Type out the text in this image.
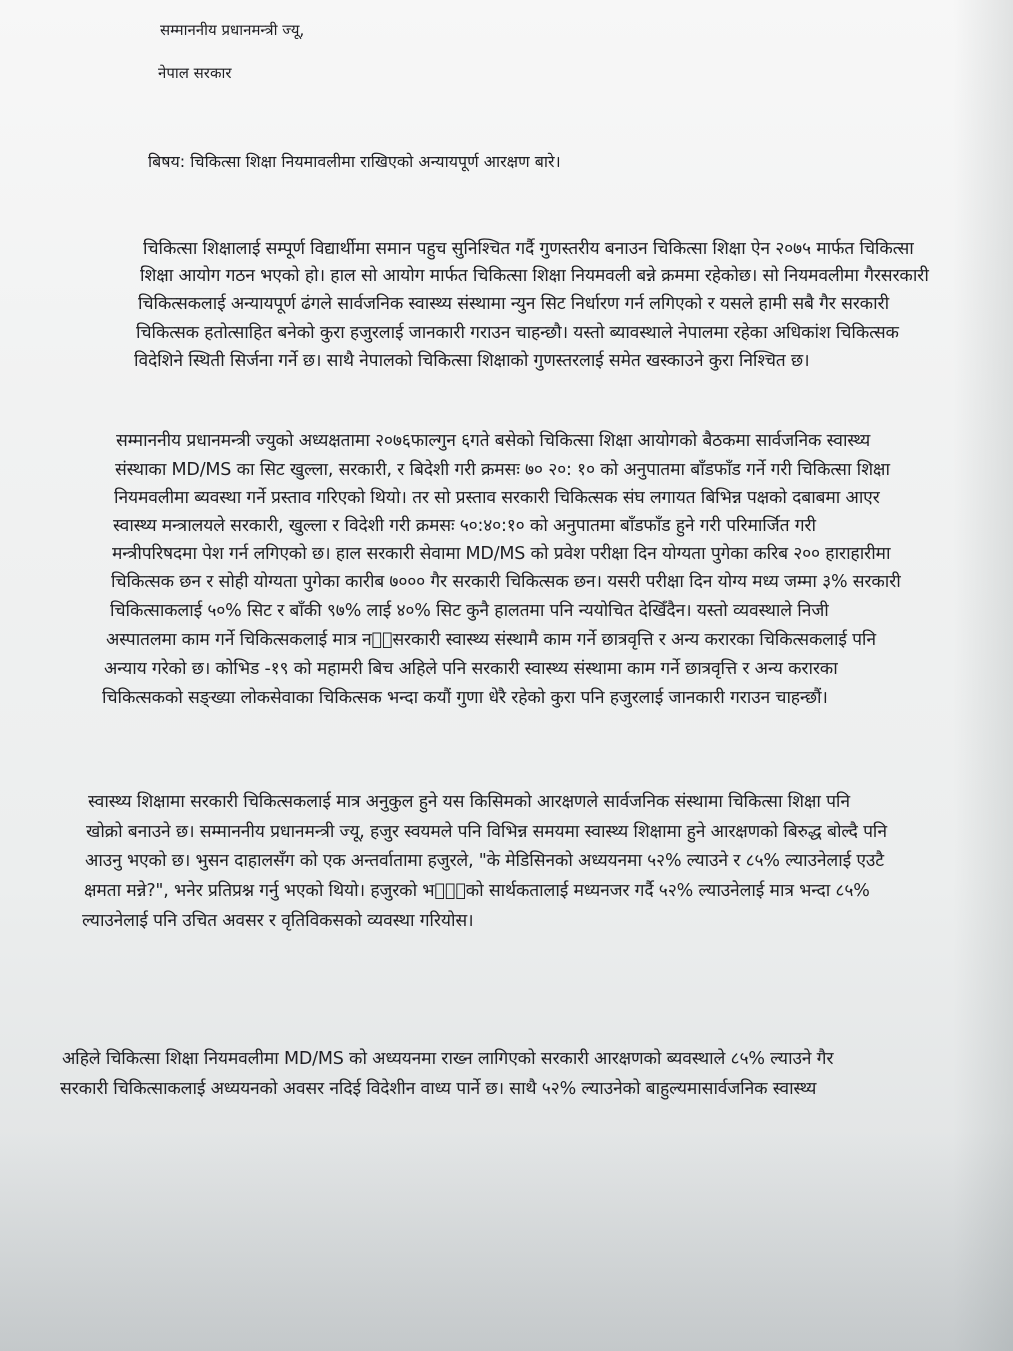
सम्माननीय प्रधानमन्त्री ज्यू,
नेपाल सरकार
बिषय: चिकित्सा शिक्षा नियमावलीमा राखिएको अन्यायपूर्ण आरक्षण बारे।
चिकित्सा शिक्षालाई सम्पूर्ण विद्यार्थीमा समान पहुच सुनिश्चित गर्दै गुणस्तरीय बनाउन चिकित्सा शिक्षा ऐन २०७५ मार्फत चिकित्सा
शिक्षा आयोग गठन भएको हो। हाल सो आयोग मार्फत चिकित्सा शिक्षा नियमवली बन्ने क्रममा रहेकोछ। सो नियमवलीमा गैरसरकारी
चिकित्सकलाई अन्यायपूर्ण ढंगले सार्वजनिक स्वास्थ्य संस्थामा न्युन सिट निर्धारण गर्न लगिएको र यसले हामी सबै गैर सरकारी
चिकित्सक हतोत्साहित बनेको कुरा हजुरलाई जानकारी गराउन चाहन्छौ। यस्तो ब्यावस्थाले नेपालमा रहेका अधिकांश चिकित्सक
विदेशिने स्थिती सिर्जना गर्ने छ। साथै नेपालको चिकित्सा शिक्षाको गुणस्तरलाई समेत खस्काउने कुरा निश्चित छ।
सम्माननीय प्रधानमन्त्री ज्युको अध्यक्षतामा २०७६फाल्गुन ६गते बसेको चिकित्सा शिक्षा आयोगको बैठकमा सार्वजनिक स्वास्थ्य
संस्थाका MD/MS का सिट खुल्ला, सरकारी, र बिदेशी गरी क्रमसः ७० २०: १० को अनुपातमा बाँडफाँड गर्ने गरी चिकित्सा शिक्षा
नियमवलीमा ब्यवस्था गर्ने प्रस्ताव गरिएको थियो। तर सो प्रस्ताव सरकारी चिकित्सक संघ लगायत बिभिन्न पक्षको दबाबमा आएर
स्वास्थ्य मन्त्रालयले सरकारी, खुल्ला र विदेशी गरी क्रमसः ५०:४०:१० को अनुपातमा बाँडफाँड हुने गरी परिमार्जित गरी
मन्त्रीपरिषदमा पेश गर्न लगिएको छ। हाल सरकारी सेवामा MD/MS को प्रवेश परीक्षा दिन योग्यता पुगेका करिब २०० हाराहारीमा
चिकित्सक छन र सोही योग्यता पुगेका कारीब ७००० गैर सरकारी चिकित्सक छन। यसरी परीक्षा दिन योग्य मध्य जम्मा ३% सरकारी
चिकित्साकलाई ५०% सिट र बाँकी ९७% लाई ४०% सिट कुनै हालतमा पनि न्ययोचित देखिँदैन। यस्तो व्यवस्थाले निजी
अस्पातलमा काम गर्ने चिकित्सकलाई मात्र नभ⃞सरकारी स्वास्थ्य संस्थामै काम गर्ने छात्रवृत्ति र अन्य करारका चिकित्सकलाई पनि
अन्याय गरेको छ। कोभिड -१९ को महामरी बिच अहिले पनि सरकारी स्वास्थ्य संस्थामा काम गर्ने छात्रवृत्ति र अन्य करारका
चिकित्सकको सङ्ख्या लोकसेवाका चिकित्सक भन्दा कयौं गुणा धेरै रहेको कुरा पनि हजुरलाई जानकारी गराउन चाहन्छौं।
स्वास्थ्य शिक्षामा सरकारी चिकित्सकलाई मात्र अनुकुल हुने यस किसिमको आरक्षणले सार्वजनिक संस्थामा चिकित्सा शिक्षा पनि
खोक्रो बनाउने छ। सम्माननीय प्रधानमन्त्री ज्यू, हजुर स्वयमले पनि विभिन्न समयमा स्वास्थ्य शिक्षामा हुने आरक्षणको बिरुद्ध बोल्दै पनि
आउनु भएको छ। भुसन दाहालसँग को एक अन्तर्वातामा हजुरले, "के मेडिसिनको अध्ययनमा ५२% ल्याउने र ८५% ल्याउनेलाई एउटै
क्षमता मन्ने?", भनेर प्रतिप्रश्न गर्नु भएको थियो। हजुरको भना⃞को सार्थकतालाई मध्यनजर गर्दै ५२% ल्याउनेलाई मात्र भन्दा ८५%
ल्याउनेलाई पनि उचित अवसर र वृतिविकसको व्यवस्था गरियोस।
अहिले चिकित्सा शिक्षा नियमवलीमा MD/MS को अध्ययनमा राख्न लागिएको सरकारी आरक्षणको ब्यवस्थाले ८५% ल्याउने गैर
सरकारी चिकित्साकलाई अध्ययनको अवसर नदिई विदेशीन वाध्य पार्ने छ। साथै ५२% ल्याउनेको बाहुल्यमासार्वजनिक स्वास्थ्य
